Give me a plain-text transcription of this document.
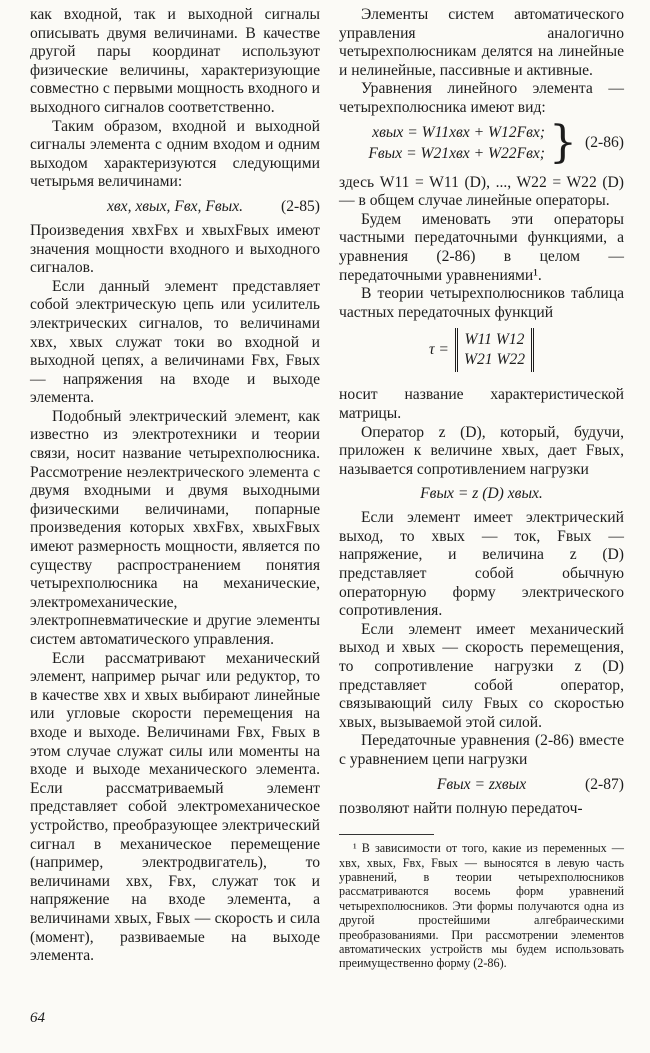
как входной, так и выходной сигналы описывать двумя величинами. В качестве другой пары координат используют физические величины, характеризующие совместно с первыми мощность входного и выходного сигналов соответственно.

Таким образом, входной и выходной сигналы элемента с одним входом и одним выходом характеризуются следующими четырьмя величинами:

xвх, xвых, Fвх, Fвых. (2-85)

Произведения xвхFвх и xвыхFвых имеют значения мощности входного и выходного сигналов.

Если данный элемент представляет собой электрическую цепь или усилитель электрических сигналов, то величинами xвх, xвых служат токи во входной и выходной цепях, а величинами Fвх, Fвых — напряжения на входе и выходе элемента.

Подобный электрический элемент, как известно из электротехники и теории связи, носит название четырехполюсника. Рассмотрение неэлектрического элемента с двумя входными и двумя выходными физическими величинами, попарные произведения которых xвхFвх, xвыхFвых имеют размерность мощности, является по существу распространением понятия четырехполюсника на механические, электромеханические, электропневматические и другие элементы систем автоматического управления.

Если рассматривают механический элемент, например рычаг или редуктор, то в качестве xвх и xвых выбирают линейные или угловые скорости перемещения на входе и выходе. Величинами Fвх, Fвых в этом случае служат силы или моменты на входе и выходе механического элемента. Если рассматриваемый элемент представляет собой электромеханическое устройство, преобразующее электрический сигнал в механическое перемещение (например, электродвигатель), то величинами xвх, Fвх, служат ток и напряжение на входе элемента, а величинами xвых, Fвых — скорость и сила (момент), развиваемые на выходе элемента.

Элементы систем автоматического управления аналогично четырехполюсникам делятся на линейные и нелинейные, пассивные и активные.

Уравнения линейного элемента — четырехполюсника имеют вид:

xвых = W11xвх + W12Fвх;
Fвых = W21xвх + W22Fвх; } (2-86)

здесь W11 = W11 (D), ..., W22 = W22 (D) — в общем случае линейные операторы.

Будем именовать эти операторы частными передаточными функциями, а уравнения (2-86) в целом — передаточными уравнениями¹.

В теории четырехполюсников таблица частных передаточных функций

τ =
W11 W12
W21 W22

носит название характеристической матрицы.

Оператор z (D), который, будучи, приложен к величине xвых, дает Fвых, называется сопротивлением нагрузки

Fвых = z (D) xвых.

Если элемент имеет электрический выход, то xвых — ток, Fвых — напряжение, и величина z (D) представляет собой обычную операторную форму электрического сопротивления.

Если элемент имеет механический выход и xвых — скорость перемещения, то сопротивление нагрузки z (D) представляет собой оператор, связывающий силу Fвых со скоростью xвых, вызываемой этой силой.

Передаточные уравнения (2-86) вместе с уравнением цепи нагрузки

Fвых = zxвых	(2-87)

позволяют найти полную передаточ-

¹ В зависимости от того, какие из переменных — xвх, xвых, Fвх, Fвых — выносятся в левую часть уравнений, в теории четырехполюсников рассматриваются восемь форм уравнений четырехполюсников. Эти формы получаются одна из другой простейшими алгебраическими преобразованиями. При рассмотрении элементов автоматических устройств мы будем использовать преимущественно форму (2-86).

64
